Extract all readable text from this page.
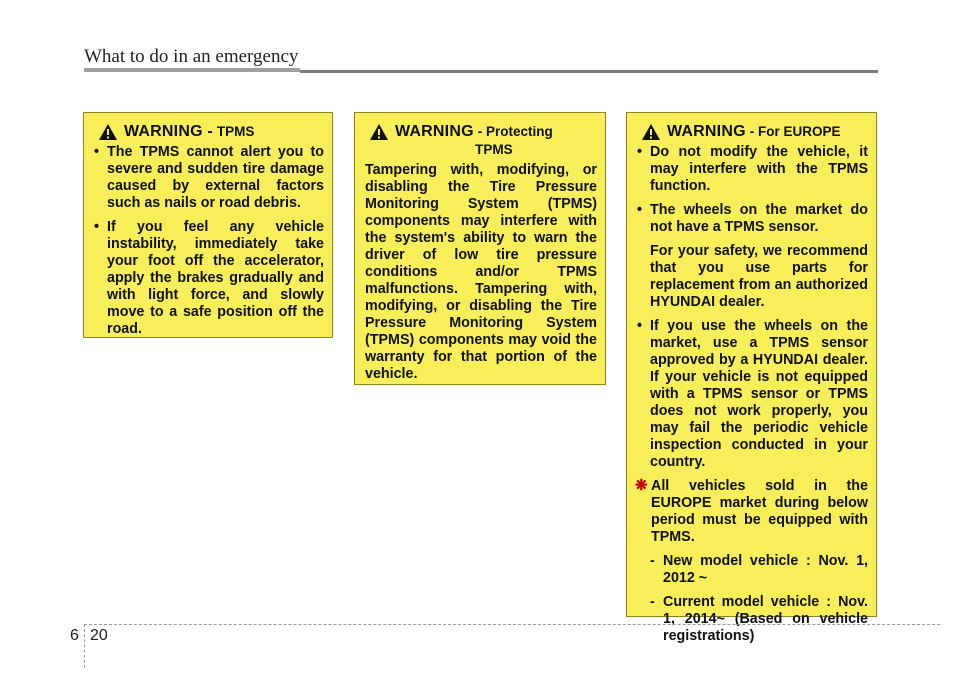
What to do in an emergency
WARNING - TPMS
• The TPMS cannot alert you to severe and sudden tire damage caused by external factors such as nails or road debris.
• If you feel any vehicle instability, immediately take your foot off the accelerator, apply the brakes gradually and with light force, and slowly move to a safe position off the road.
WARNING - Protecting
TPMS

Tampering with, modifying, or disabling the Tire Pressure Monitoring System (TPMS) components may interfere with the system's ability to warn the driver of low tire pressure conditions and/or TPMS malfunctions. Tampering with, modifying, or disabling the Tire Pressure Monitoring System (TPMS) components may void the warranty for that portion of the vehicle.

WARNING - For EUROPE
• Do not modify the vehicle, it may interfere with the TPMS function.
• The wheels on the market do not have a TPMS sensor.

For your safety, we recommend that you use parts for replacement from an authorized HYUNDAI dealer.

• If you use the wheels on the market, use a TPMS sensor approved by a HYUNDAI dealer. If your vehicle is not equipped with a TPMS sensor or TPMS does not work properly, you may fail the periodic vehicle inspection conducted in your country.
❋ All vehicles sold in the EUROPE market during below period must be equipped with TPMS.
- New model vehicle : Nov. 1, 2012 ~
- Current model vehicle : Nov. 1, 2014~ (Based on vehicle registrations)
6 20
